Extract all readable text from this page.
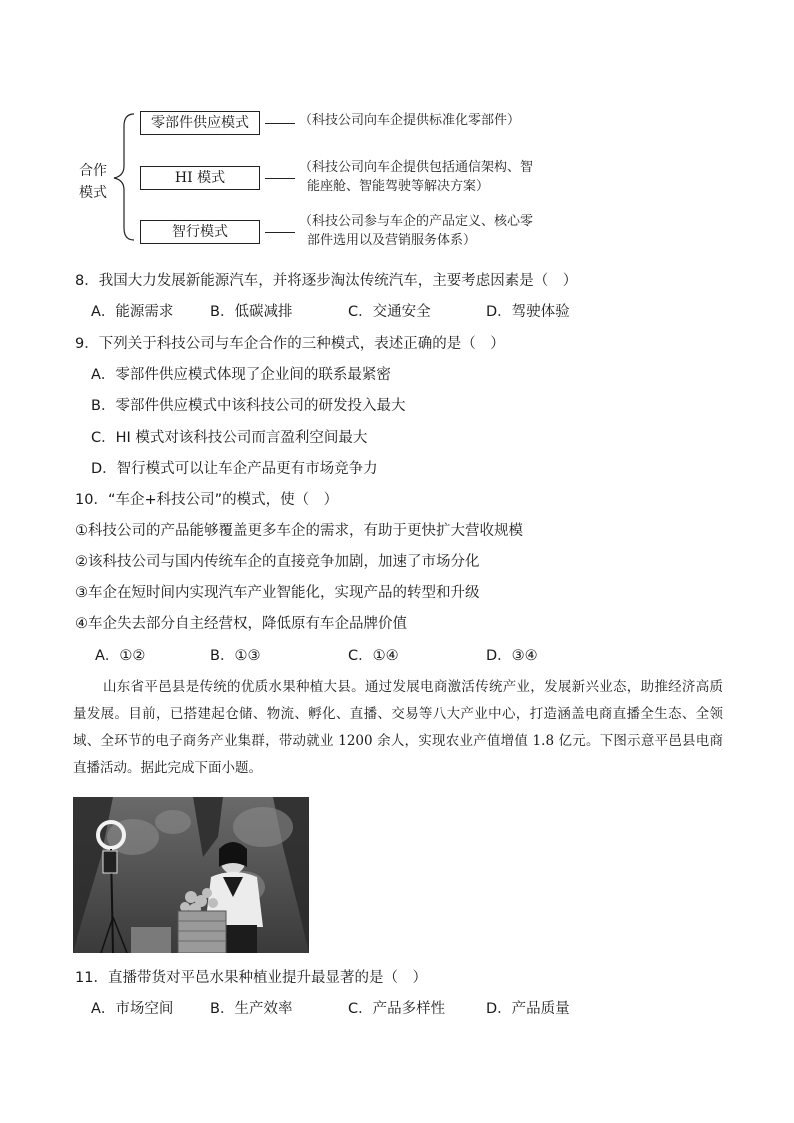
合作
模式
零部件供应模式	（科技公司向车企提供标准化零部件）
HI 模式
（科技公司向车企提供包括通信架构、智
能座舱、智能驾驶等解决方案）
智行模式
（科技公司参与车企的产品定义、核心零
部件选用以及营销服务体系）
8．我国大力发展新能源汽车，并将逐步淘汰传统汽车，主要考虑因素是（　）
A．能源需求	B．低碳减排	C．交通安全	D．驾驶体验
9．下列关于科技公司与车企合作的三种模式，表述正确的是（　）
A．零部件供应模式体现了企业间的联系最紧密
B．零部件供应模式中该科技公司的研发投入最大
C．HI 模式对该科技公司而言盈利空间最大
D．智行模式可以让车企产品更有市场竞争力
10．“车企+科技公司”的模式，使（　）
①科技公司的产品能够覆盖更多车企的需求，有助于更快扩大营收规模
②该科技公司与国内传统车企的直接竞争加剧，加速了市场分化
③车企在短时间内实现汽车产业智能化，实现产品的转型和升级
④车企失去部分自主经营权，降低原有车企品牌价值
A．①②	B．①③	C．①④	D．③④
山东省平邑县是传统的优质水果种植大县。通过发展电商激活传统产业，发展新兴业态，助推经济高质量发展。目前，已搭建起仓储、物流、孵化、直播、交易等八大产业中心，打造涵盖电商直播全生态、全领域、全环节的电子商务产业集群，带动就业 1200 余人，实现农业产值增值 1.8 亿元。下图示意平邑县电商直播活动。据此完成下面小题。
11．直播带货对平邑水果种植业提升最显著的是（　）
A．市场空间	B．生产效率	C．产品多样性	D．产品质量
